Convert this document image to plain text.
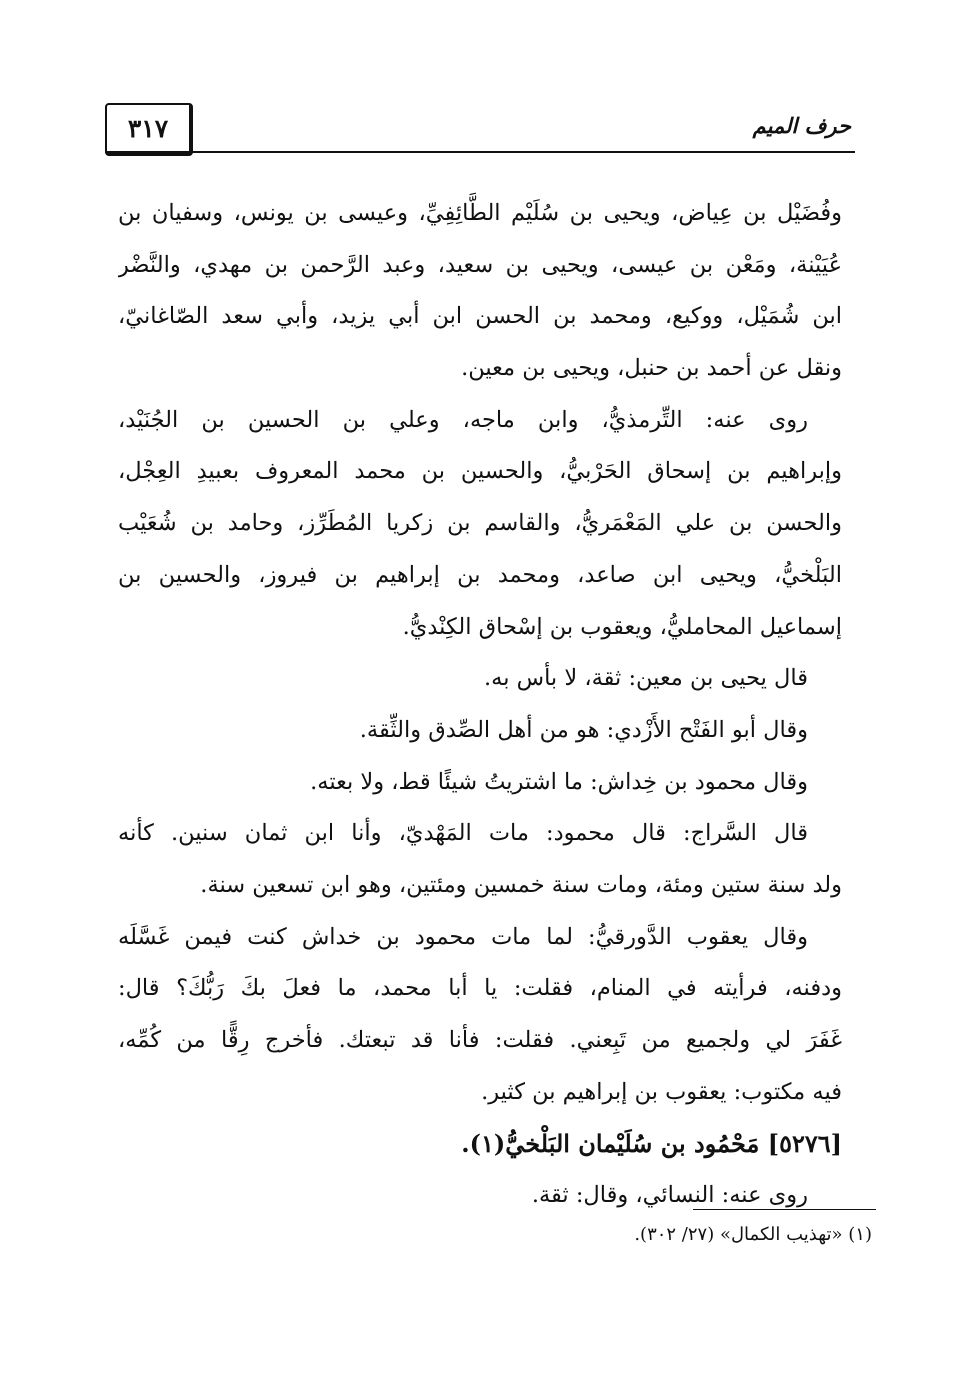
٣١٧	حرف الميم
وفُضَيْل بن عِياض، ويحيى بن سُلَيْم الطَّائِفِيِّ، وعيسى بن يونس، وسفيان بن
عُيَيْنة، ومَعْن بن عيسى، ويحيى بن سعيد، وعبد الرَّحمن بن مهدي، والنَّضْر
ابن شُمَيْل، ووكيع، ومحمد بن الحسن ابن أبي يزيد، وأبي سعد الصّاغانيّ،
ونقل عن أحمد بن حنبل، ويحيى بن معين.
روى عنه: التِّرمذيُّ، وابن ماجه، وعلي بن الحسين بن الجُنَيْد،
وإبراهيم بن إسحاق الحَرْبيُّ، والحسين بن محمد المعروف بعبيدِ العِجْل،
والحسن بن علي المَعْمَريُّ، والقاسم بن زكريا المُطَرِّز، وحامد بن شُعَيْب
البَلْخيُّ، ويحيى ابن صاعد، ومحمد بن إبراهيم بن فيروز، والحسين بن
إسماعيل المحامليُّ، ويعقوب بن إسْحاق الكِنْديُّ.
قال يحيى بن معين: ثقة، لا بأس به.
وقال أبو الفَتْح الأَزْدي: هو من أهل الصِّدق والثِّقة.
وقال محمود بن خِداش: ما اشتريتُ شيئًا قط، ولا بعته.
قال السَّراج: قال محمود: مات المَهْديّ، وأنا ابن ثمان سنين. كأنه
ولد سنة ستين ومئة، ومات سنة خمسين ومئتين، وهو ابن تسعين سنة.
وقال يعقوب الدَّورقيُّ: لما مات محمود بن خداش كنت فيمن غَسَّلَه
ودفنه، فرأيته في المنام، فقلت: يا أبا محمد، ما فعلَ بكَ رَبُّكَ؟ قال:
غَفَرَ لي ولجميع من تَبِعني. فقلت: فأنا قد تبعتك. فأخرج رِقًّا من كُمِّه،
فيه مكتوب: يعقوب بن إبراهيم بن كثير.
[٥٢٧٦] مَحْمُود بن سُلَيْمان البَلْخيُّ(١).
روى عنه: النسائي، وقال: ثقة.
(١) «تهذيب الكمال» (٢٧/ ٣٠٢).
